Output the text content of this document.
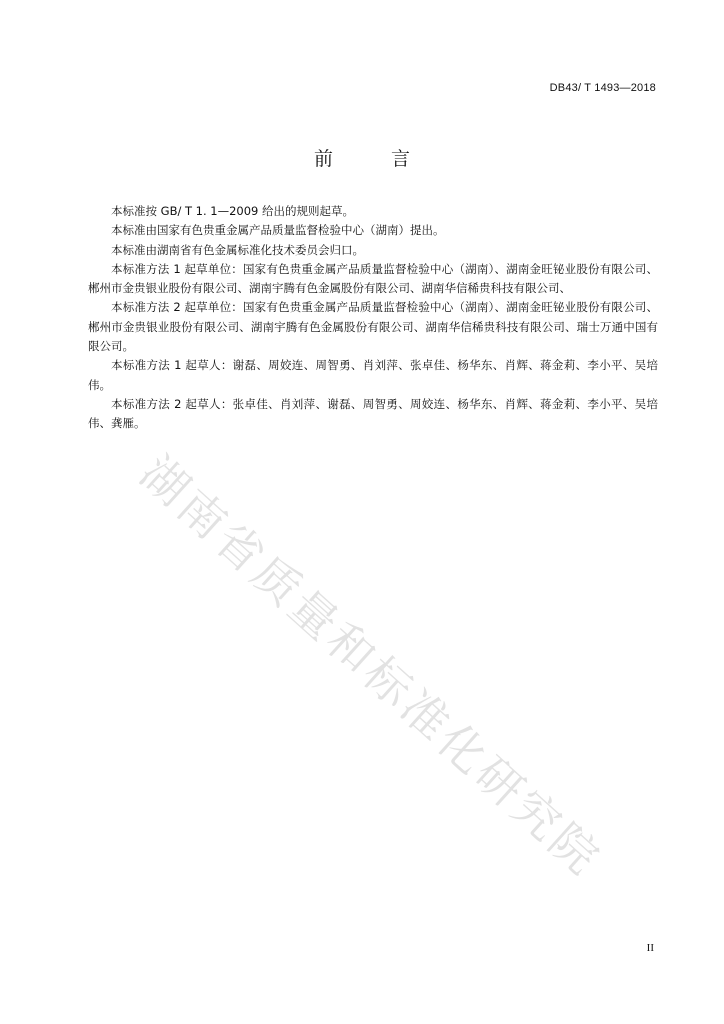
DB43/ T 1493—2018
前 言

本标准按 GB/ T 1. 1—2009 给出的规则起草。

本标准由国家有色贵重金属产品质量监督检验中心（湖南）提出。

本标准由湖南省有色金属标准化技术委员会归口。

本标准方法 1 起草单位：国家有色贵重金属产品质量监督检验中心（湖南）、湖南金旺铋业股份有限公司、郴州市金贵银业股份有限公司、湖南宇腾有色金属股份有限公司、湖南华信稀贵科技有限公司、

本标准方法 2 起草单位：国家有色贵重金属产品质量监督检验中心（湖南）、湖南金旺铋业股份有限公司、郴州市金贵银业股份有限公司、湖南宇腾有色金属股份有限公司、湖南华信稀贵科技有限公司、瑞士万通中国有限公司。

本标准方法 1 起草人：谢磊、周姣连、周智勇、肖刘萍、张卓佳、杨华东、肖辉、蒋金莉、李小平、吴培伟。

本标准方法 2 起草人：张卓佳、肖刘萍、谢磊、周智勇、周姣连、杨华东、肖辉、蒋金莉、李小平、吴培伟、龚雁。

湖南省质量和标准化研究院
II
